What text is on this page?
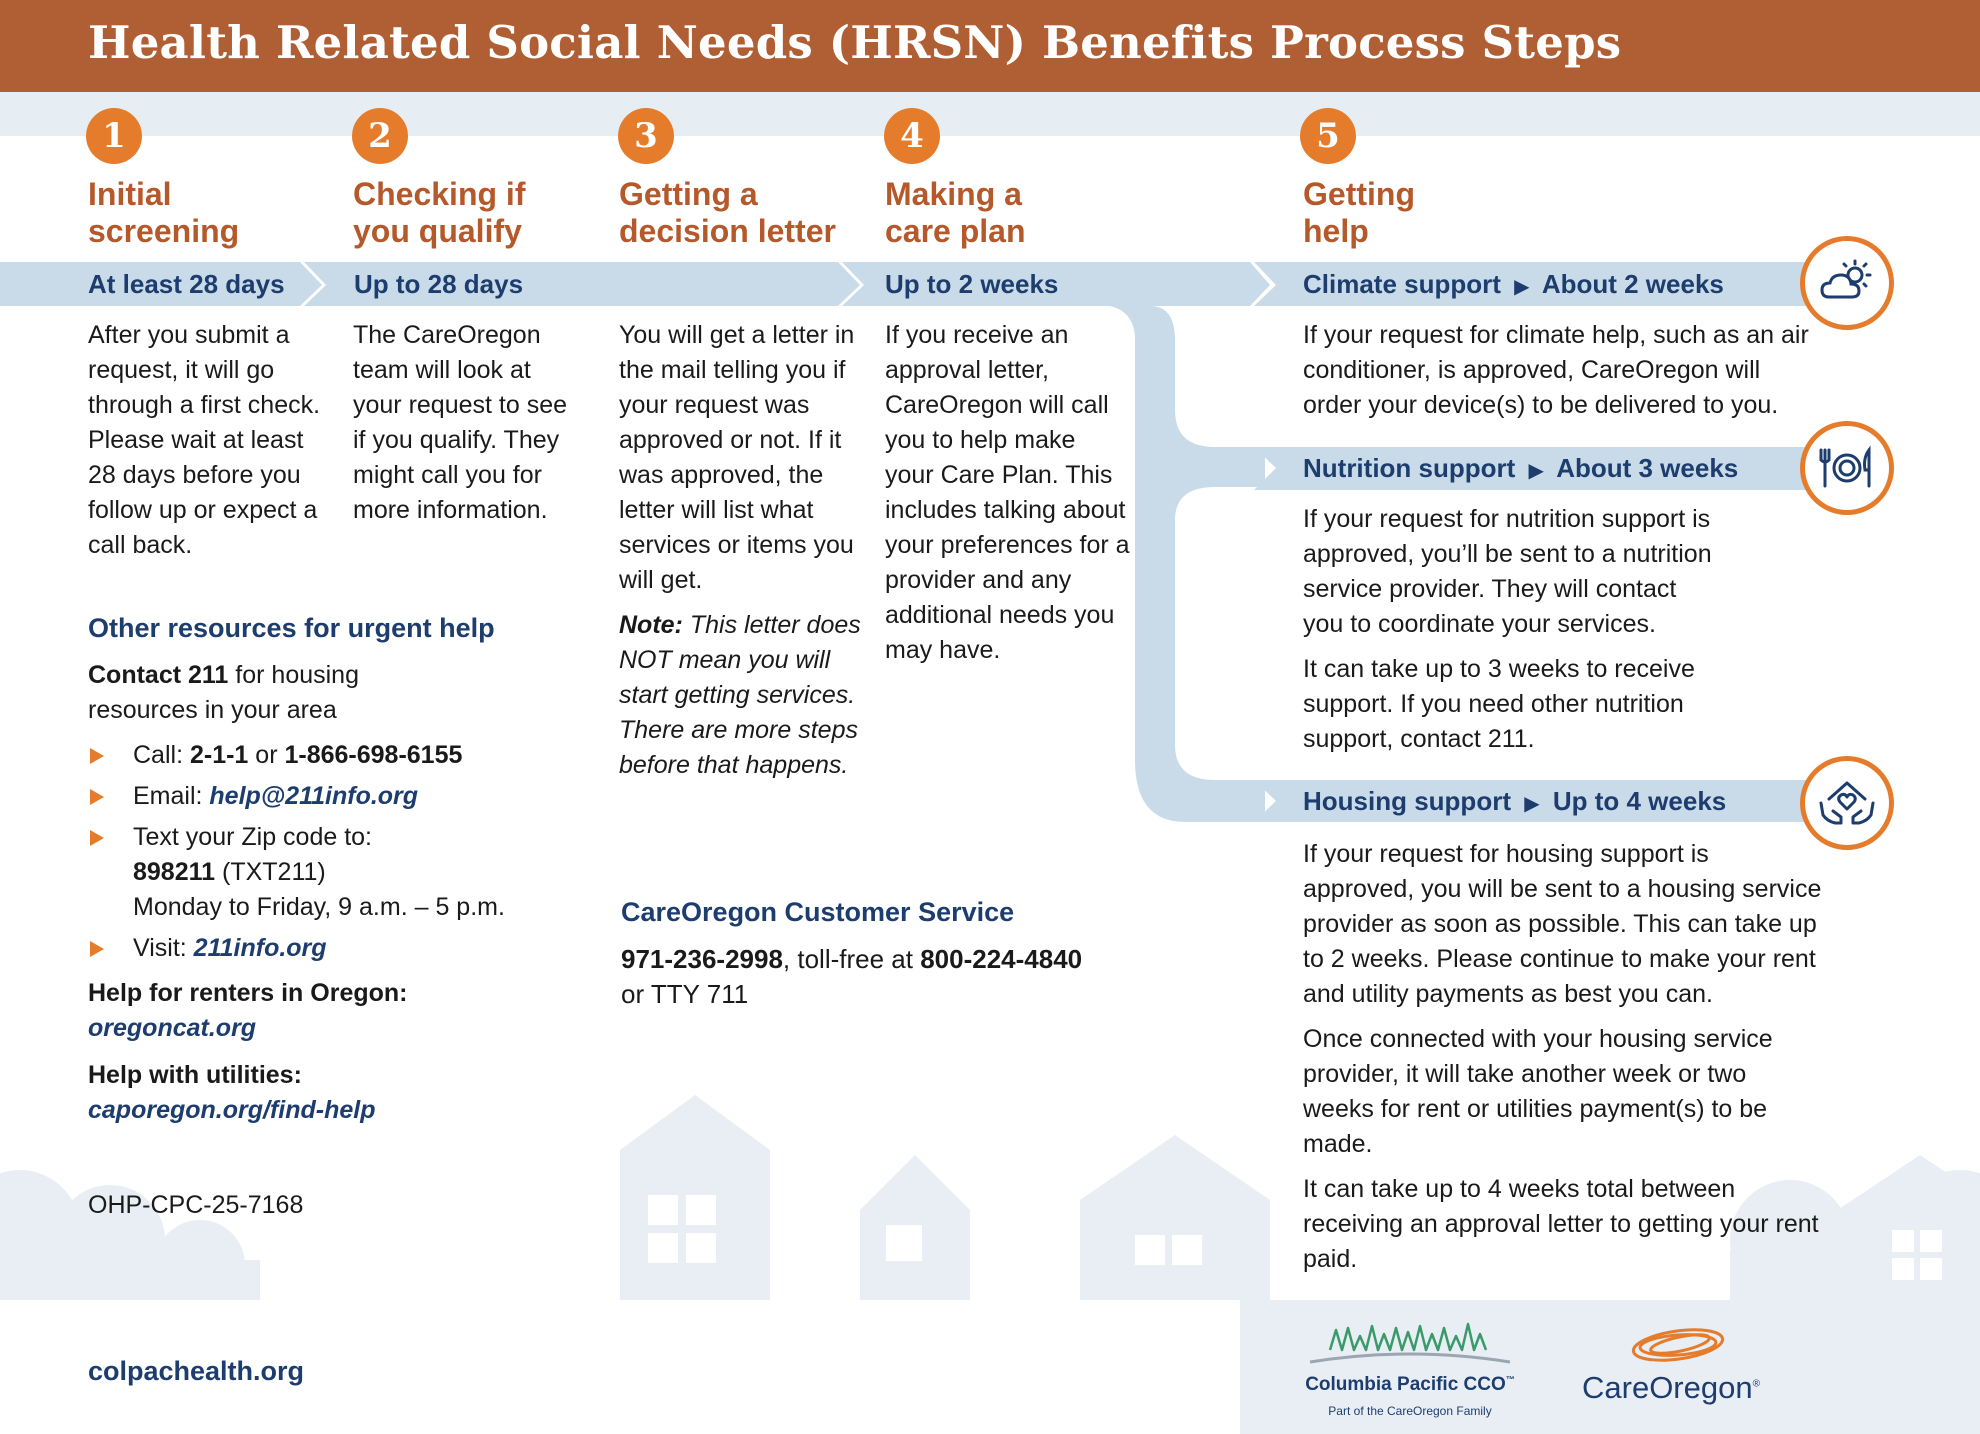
Health Related Social Needs (HRSN) Benefits Process Steps
1	2	3	4	5
Initial
screening
Checking if
you qualify
Getting a
decision letter
Making a
care plan
Getting
help
At least 28 days	Up to 28 days	Up to 2 weeks
After you submit a request, it will go through a first check. Please wait at least 28 days before you follow up or expect a call back.
The CareOregon team will look at your request to see if you qualify. They might call you for more information.
You will get a letter in the mail telling you if your request was approved or not. If it was approved, the letter will list what services or items you will get.
Note: This letter does NOT mean you will start getting services. There are more steps before that happens.
If you receive an approval letter, CareOregon will call you to help make your Care Plan. This includes talking about your preferences for a provider and any additional needs you may have.
Climate support ▶ About 2 weeks

If your request for climate help, such as an air conditioner, is approved, CareOregon will order your device(s) to be delivered to you.

Nutrition support ▶ About 3 weeks

If your request for nutrition support is approved, you’ll be sent to a nutrition service provider. They will contact you to coordinate your services.

It can take up to 3 weeks to receive support. If you need other nutrition support, contact 211.

Housing support ▶ Up to 4 weeks

If your request for housing support is approved, you will be sent to a housing service provider as soon as possible. This can take up to 2 weeks. Please continue to make your rent and utility payments as best you can.

Once connected with your housing service provider, it will take another week or two weeks for rent or utilities payment(s) to be made.

It can take up to 4 weeks total between receiving an approval letter to getting your rent paid.

Other resources for urgent help
Contact 211 for housing resources in your area
Call: 2-1-1 or 1-866-698-6155
Email: help@211info.org
Text your Zip code to:
898211 (TXT211)
Monday to Friday, 9 a.m. – 5 p.m.
Visit: 211info.org
Help for renters in Oregon:
oregoncat.org
Help with utilities:
caporegon.org/find-help
OHP-CPC-25-7168
CareOregon Customer Service
971-236-2998, toll-free at 800-224-4840
or TTY 711
colpachealth.org	Columbia Pacific CCO™
Part of the CareOregon Family
CareOregon®
